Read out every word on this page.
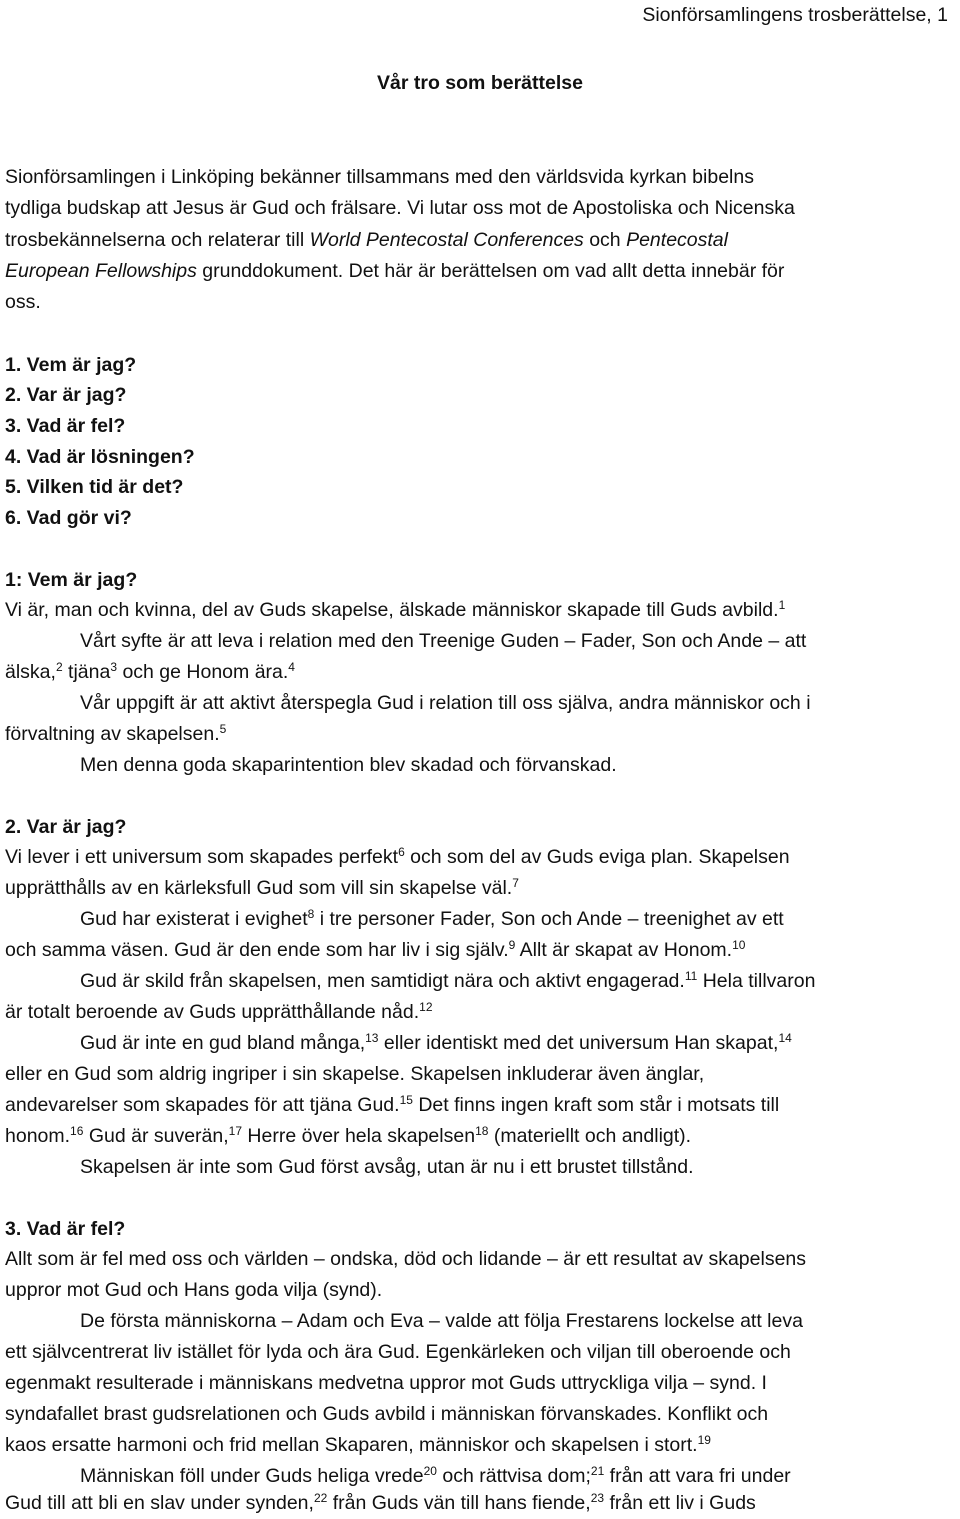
Sionförsamlingens trosberättelse, 1
Vår tro som berättelse
Sionförsamlingen i Linköping bekänner tillsammans med den världsvida kyrkan bibelns
tydliga budskap att Jesus är Gud och frälsare. Vi lutar oss mot de Apostoliska och Nicenska
trosbekännelserna och relaterar till World Pentecostal Conferences och Pentecostal
European Fellowships grunddokument. Det här är berättelsen om vad allt detta innebär för
oss.
1. Vem är jag?
2. Var är jag?
3. Vad är fel?
4. Vad är lösningen?
5. Vilken tid är det?
6. Vad gör vi?
1: Vem är jag?
Vi är, man och kvinna, del av Guds skapelse, älskade människor skapade till Guds avbild.$^1$
Vårt syfte är att leva i relation med den Treenige Guden – Fader, Son och Ande – att
älska,$^2$ tjäna$^3$ och ge Honom ära.$^4$
Vår uppgift är att aktivt återspegla Gud i relation till oss själva, andra människor och i
förvaltning av skapelsen.$^5$
Men denna goda skaparintention blev skadad och förvanskad.
2. Var är jag?
Vi lever i ett universum som skapades perfekt$^6$ och som del av Guds eviga plan. Skapelsen
upprätthålls av en kärleksfull Gud som vill sin skapelse väl.$^7$
Gud har existerat i evighet$^8$ i tre personer Fader, Son och Ande – treenighet av ett
och samma väsen. Gud är den ende som har liv i sig själv.$^9$ Allt är skapat av Honom.$^{10}$
Gud är skild från skapelsen, men samtidigt nära och aktivt engagerad.$^{11}$ Hela tillvaron
är totalt beroende av Guds upprätthållande nåd.$^{12}$
Gud är inte en gud bland många,$^{13}$ eller identiskt med det universum Han skapat,$^{14}$
eller en Gud som aldrig ingriper i sin skapelse. Skapelsen inkluderar även änglar,
andevarelser som skapades för att tjäna Gud.$^{15}$ Det finns ingen kraft som står i motsats till
honom.$^{16}$ Gud är suverän,$^{17}$ Herre över hela skapelsen$^{18}$ (materiellt och andligt).
Skapelsen är inte som Gud först avsåg, utan är nu i ett brustet tillstånd.
3. Vad är fel?
Allt som är fel med oss och världen – ondska, död och lidande – är ett resultat av skapelsens
uppror mot Gud och Hans goda vilja (synd).
De första människorna – Adam och Eva – valde att följa Frestarens lockelse att leva
ett självcentrerat liv istället för lyda och ära Gud. Egenkärleken och viljan till oberoende och
egenmakt resulterade i människans medvetna uppror mot Guds uttryckliga vilja – synd. I
syndafallet brast gudsrelationen och Guds avbild i människan förvanskades. Konflikt och
kaos ersatte harmoni och frid mellan Skaparen, människor och skapelsen i stort.$^{19}$
Människan föll under Guds heliga vrede$^{20}$ och rättvisa dom;$^{21}$ från att vara fri under
Gud till att bli en slav under synden,$^{22}$ från Guds vän till hans fiende,$^{23}$ från ett liv i Guds
